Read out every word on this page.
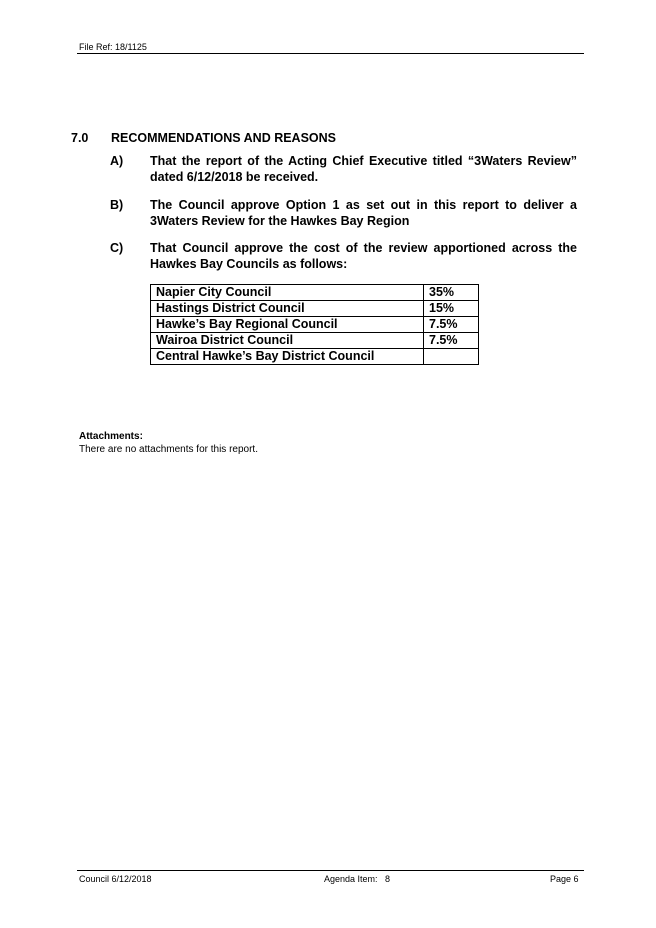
File Ref: 18/1125
7.0 RECOMMENDATIONS AND REASONS
A) That the report of the Acting Chief Executive titled “3Waters Review” dated 6/12/2018 be received.
B) The Council approve Option 1 as set out in this report to deliver a 3Waters Review for the Hawkes Bay Region
C) That Council approve the cost of the review apportioned across the Hawkes Bay Councils as follows:
Napier City Council	35%
Hastings District Council	15%
Hawke’s Bay Regional Council	7.5%
Wairoa District Council	7.5%
Central Hawke’s Bay District Council	
Attachments:
There are no attachments for this report.
Council 6/12/2018	Agenda Item:   8	Page 6
